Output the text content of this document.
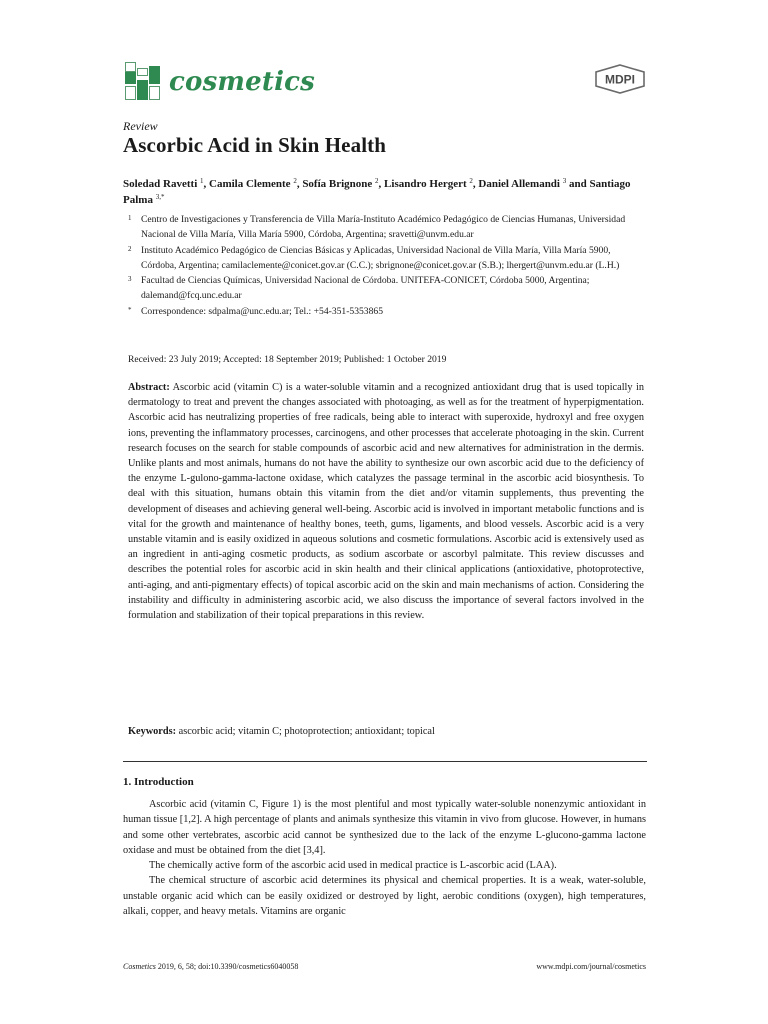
cosmetics	MDPI
Review
Ascorbic Acid in Skin Health
Soledad Ravetti $^1$, Camila Clemente $^2$, Sofía Brignone $^2$, Lisandro Hergert $^2$, Daniel Allemandi $^3$ and Santiago Palma $^{3,*}$
1 Centro de Investigaciones y Transferencia de Villa María-Instituto Académico Pedagógico de Ciencias Humanas, Universidad Nacional de Villa María, Villa María 5900, Córdoba, Argentina; sravetti@unvm.edu.ar
2 Instituto Académico Pedagógico de Ciencias Básicas y Aplicadas, Universidad Nacional de Villa María, Villa María 5900, Córdoba, Argentina; camilaclemente@conicet.gov.ar (C.C.); sbrignone@conicet.gov.ar (S.B.); lhergert@unvm.edu.ar (L.H.)
3 Facultad de Ciencias Químicas, Universidad Nacional de Córdoba. UNITEFA-CONICET, Córdoba 5000, Argentina; dalemand@fcq.unc.edu.ar
* Correspondence: sdpalma@unc.edu.ar; Tel.: +54-351-5353865
Received: 23 July 2019; Accepted: 18 September 2019; Published: 1 October 2019

Abstract: Ascorbic acid (vitamin C) is a water-soluble vitamin and a recognized antioxidant drug that is used topically in dermatology to treat and prevent the changes associated with photoaging, as well as for the treatment of hyperpigmentation. Ascorbic acid has neutralizing properties of free radicals, being able to interact with superoxide, hydroxyl and free oxygen ions, preventing the inflammatory processes, carcinogens, and other processes that accelerate photoaging in the skin. Current research focuses on the search for stable compounds of ascorbic acid and new alternatives for administration in the dermis. Unlike plants and most animals, humans do not have the ability to synthesize our own ascorbic acid due to the deficiency of the enzyme L-gulono-gamma-lactone oxidase, which catalyzes the passage terminal in the ascorbic acid biosynthesis. To deal with this situation, humans obtain this vitamin from the diet and/or vitamin supplements, thus preventing the development of diseases and achieving general well-being. Ascorbic acid is involved in important metabolic functions and is vital for the growth and maintenance of healthy bones, teeth, gums, ligaments, and blood vessels. Ascorbic acid is a very unstable vitamin and is easily oxidized in aqueous solutions and cosmetic formulations. Ascorbic acid is extensively used as an ingredient in anti-aging cosmetic products, as sodium ascorbate or ascorbyl palmitate. This review discusses and describes the potential roles for ascorbic acid in skin health and their clinical applications (antioxidative, photoprotective, anti-aging, and anti-pigmentary effects) of topical ascorbic acid on the skin and main mechanisms of action. Considering the instability and difficulty in administering ascorbic acid, we also discuss the importance of several factors involved in the formulation and stabilization of their topical preparations in this review.

Keywords: ascorbic acid; vitamin C; photoprotection; antioxidant; topical

1. Introduction

Ascorbic acid (vitamin C, Figure 1) is the most plentiful and most typically water-soluble nonenzymic antioxidant in human tissue [1,2]. A high percentage of plants and animals synthesize this vitamin in vivo from glucose. However, in humans and some other vertebrates, ascorbic acid cannot be synthesized due to the lack of the enzyme L-glucono-gamma lactone oxidase and must be obtained from the diet [3,4].

The chemically active form of the ascorbic acid used in medical practice is L-ascorbic acid (LAA).

The chemical structure of ascorbic acid determines its physical and chemical properties. It is a weak, water-soluble, unstable organic acid which can be easily oxidized or destroyed by light, aerobic conditions (oxygen), high temperatures, alkali, copper, and heavy metals. Vitamins are organic

Cosmetics 2019, 6, 58; doi:10.3390/cosmetics6040058	www.mdpi.com/journal/cosmetics
